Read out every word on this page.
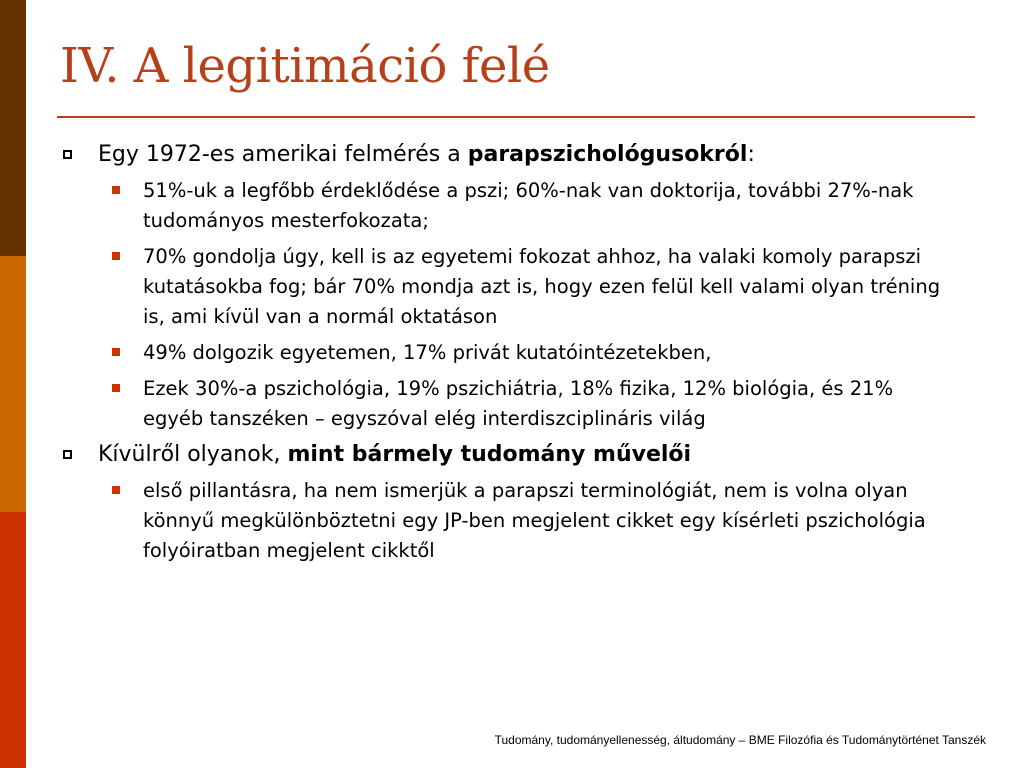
IV. A legitimáció felé

Egy 1972-es amerikai felmérés a parapszichológusokról:

51%-uk a legfőbb érdeklődése a pszi; 60%-nak van doktorija, további 27%-nak tudományos mesterfokozata;

70% gondolja úgy, kell is az egyetemi fokozat ahhoz, ha valaki komoly parapszi kutatásokba fog; bár 70% mondja azt is, hogy ezen felül kell valami olyan tréning is, ami kívül van a normál oktatáson

49% dolgozik egyetemen, 17% privát kutatóintézetekben,

Ezek 30%-a pszichológia, 19% pszichiátria, 18% fizika, 12% biológia, és 21% egyéb tanszéken – egyszóval elég interdiszciplináris világ

Kívülről olyanok, mint bármely tudomány művelői

első pillantásra, ha nem ismerjük a parapszi terminológiát, nem is volna olyan könnyű megkülönböztetni egy JP-ben megjelent cikket egy kísérleti pszichológia folyóiratban megjelent cikktől

Tudomány, tudományellenesség, áltudomány – BME Filozófia és Tudománytörténet Tanszék
